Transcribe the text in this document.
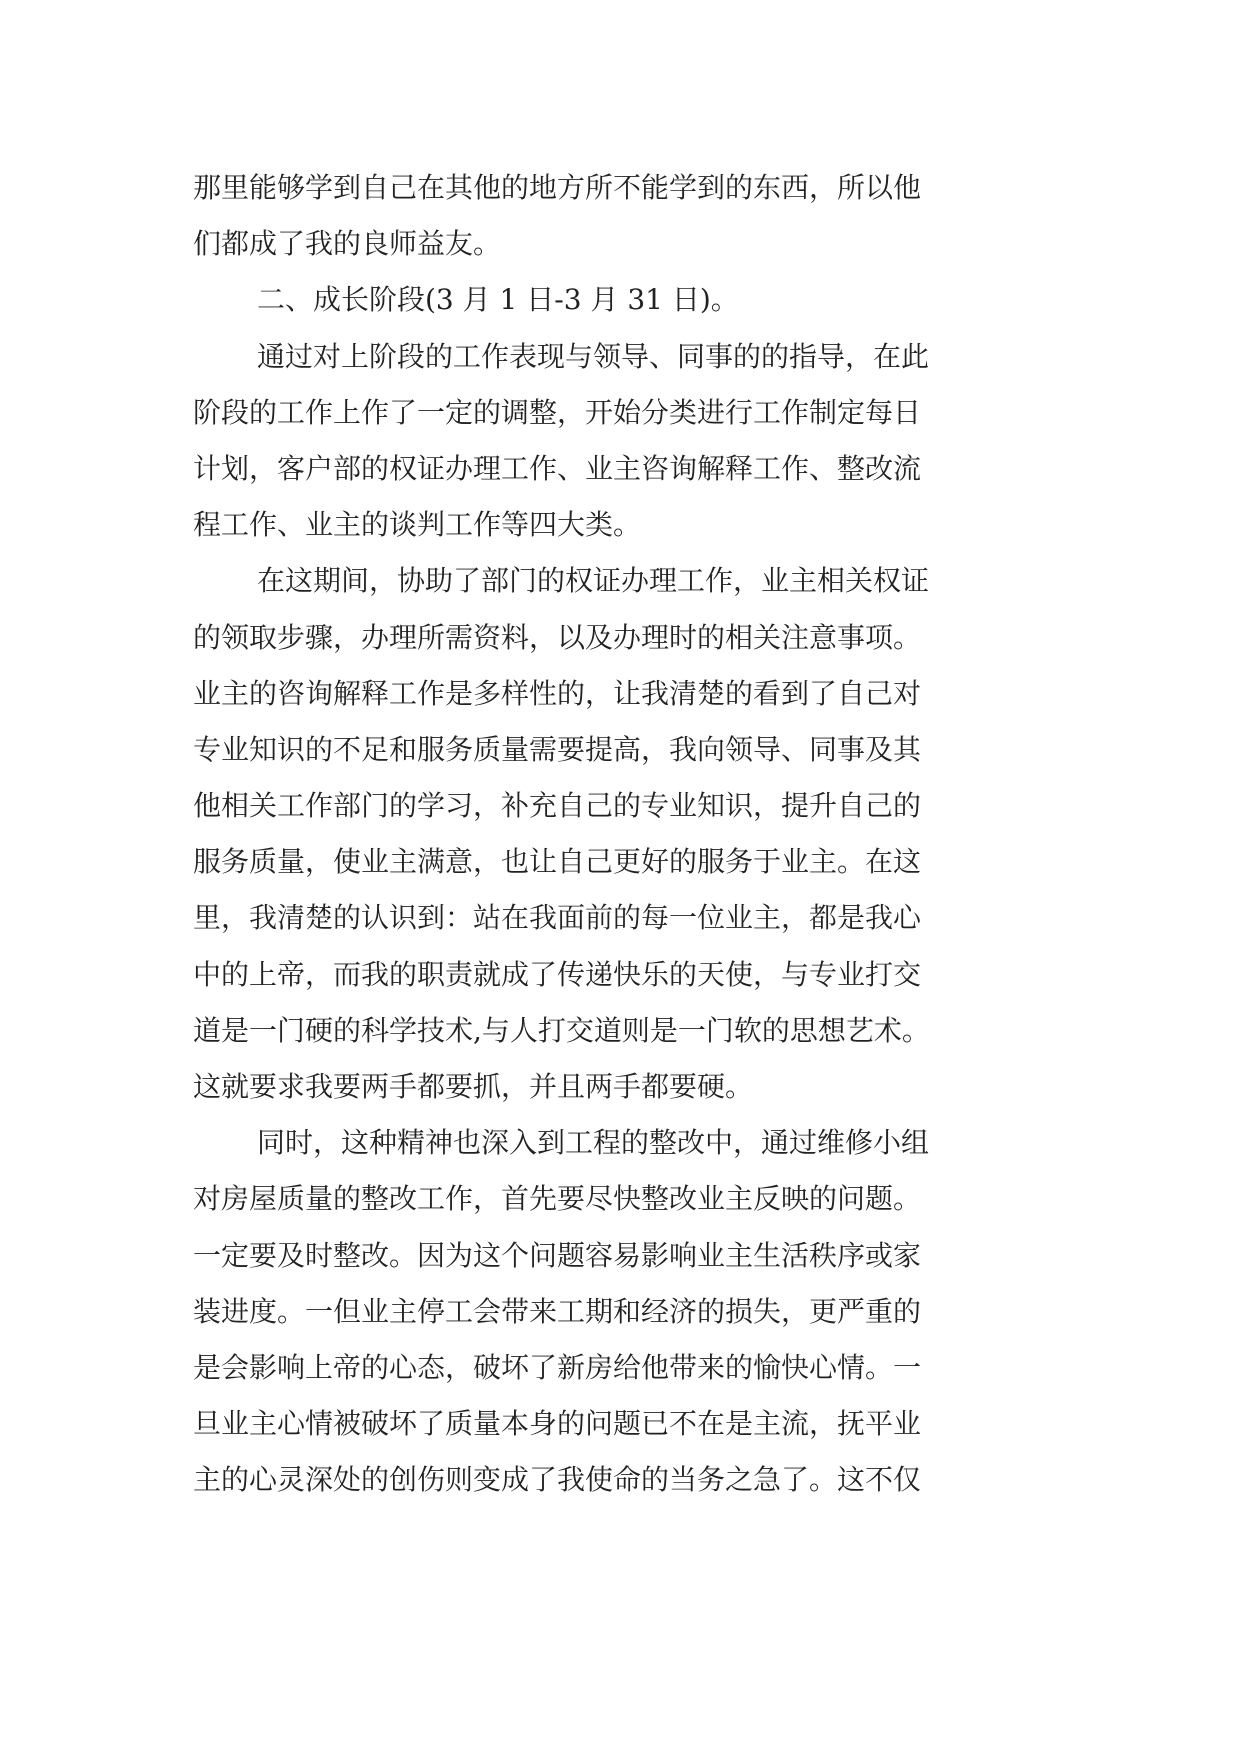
那里能够学到自己在其他的地方所不能学到的东西，所以他
们都成了我的良师益友。
二、成长阶段(3 月 1 日-3 月 31 日)。
通过对上阶段的工作表现与领导、同事的的指导，在此
阶段的工作上作了一定的调整，开始分类进行工作制定每日
计划，客户部的权证办理工作、业主咨询解释工作、整改流
程工作、业主的谈判工作等四大类。
在这期间，协助了部门的权证办理工作，业主相关权证
的领取步骤，办理所需资料，以及办理时的相关注意事项。
业主的咨询解释工作是多样性的，让我清楚的看到了自己对
专业知识的不足和服务质量需要提高，我向领导、同事及其
他相关工作部门的学习，补充自己的专业知识，提升自己的
服务质量，使业主满意，也让自己更好的服务于业主。在这
里，我清楚的认识到：站在我面前的每一位业主，都是我心
中的上帝，而我的职责就成了传递快乐的天使，与专业打交
道是一门硬的科学技术,与人打交道则是一门软的思想艺术。
这就要求我要两手都要抓，并且两手都要硬。
同时，这种精神也深入到工程的整改中，通过维修小组
对房屋质量的整改工作，首先要尽快整改业主反映的问题。
一定要及时整改。因为这个问题容易影响业主生活秩序或家
装进度。一但业主停工会带来工期和经济的损失，更严重的
是会影响上帝的心态，破坏了新房给他带来的愉快心情。一
旦业主心情被破坏了质量本身的问题已不在是主流，抚平业
主的心灵深处的创伤则变成了我使命的当务之急了。这不仅
